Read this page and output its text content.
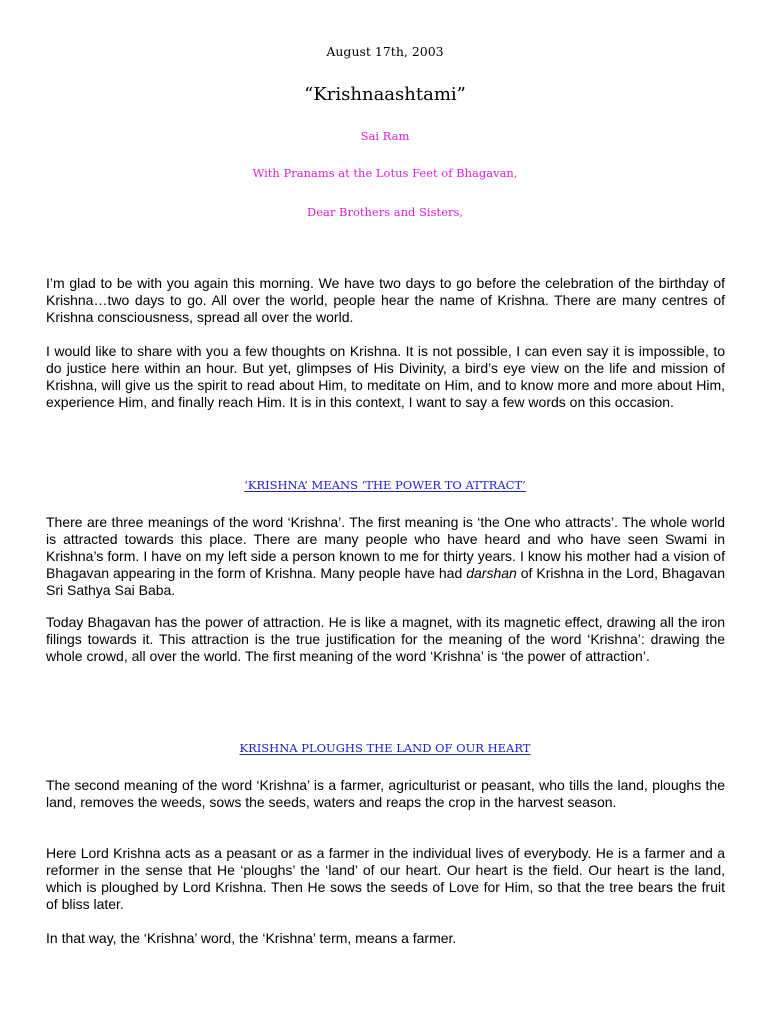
August 17th, 2003

“Krishnaashtami”

Sai Ram

With Pranams at the Lotus Feet of Bhagavan,

Dear Brothers and Sisters,

I’m glad to be with you again this morning. We have two days to go before the celebration of the birthday of Krishna…two days to go. All over the world, people hear the name of Krishna. There are many centres of Krishna consciousness, spread all over the world.

I would like to share with you a few thoughts on Krishna. It is not possible, I can even say it is impossible, to do justice here within an hour. But yet, glimpses of His Divinity, a bird’s eye view on the life and mission of Krishna, will give us the spirit to read about Him, to meditate on Him, and to know more and more about Him, experience Him, and finally reach Him. It is in this context, I want to say a few words on this occasion.

‘KRISHNA’ MEANS ‘THE POWER TO ATTRACT’

There are three meanings of the word ‘Krishna’. The first meaning is ‘the One who attracts’. The whole world is attracted towards this place. There are many people who have heard and who have seen Swami in Krishna’s form. I have on my left side a person known to me for thirty years. I know his mother had a vision of Bhagavan appearing in the form of Krishna. Many people have had darshan of Krishna in the Lord, Bhagavan Sri Sathya Sai Baba.

Today Bhagavan has the power of attraction. He is like a magnet, with its magnetic effect, drawing all the iron filings towards it. This attraction is the true justification for the meaning of the word ‘Krishna’: drawing the whole crowd, all over the world. The first meaning of the word ‘Krishna’ is ‘the power of attraction’.

KRISHNA PLOUGHS THE LAND OF OUR HEART

The second meaning of the word ‘Krishna’ is a farmer, agriculturist or peasant, who tills the land, ploughs the land, removes the weeds, sows the seeds, waters and reaps the crop in the harvest season.

Here Lord Krishna acts as a peasant or as a farmer in the individual lives of everybody. He is a farmer and a reformer in the sense that He ‘ploughs’ the ‘land’ of our heart. Our heart is the field. Our heart is the land, which is ploughed by Lord Krishna. Then He sows the seeds of Love for Him, so that the tree bears the fruit of bliss later.

In that way, the ‘Krishna’ word, the ‘Krishna’ term, means a farmer.
